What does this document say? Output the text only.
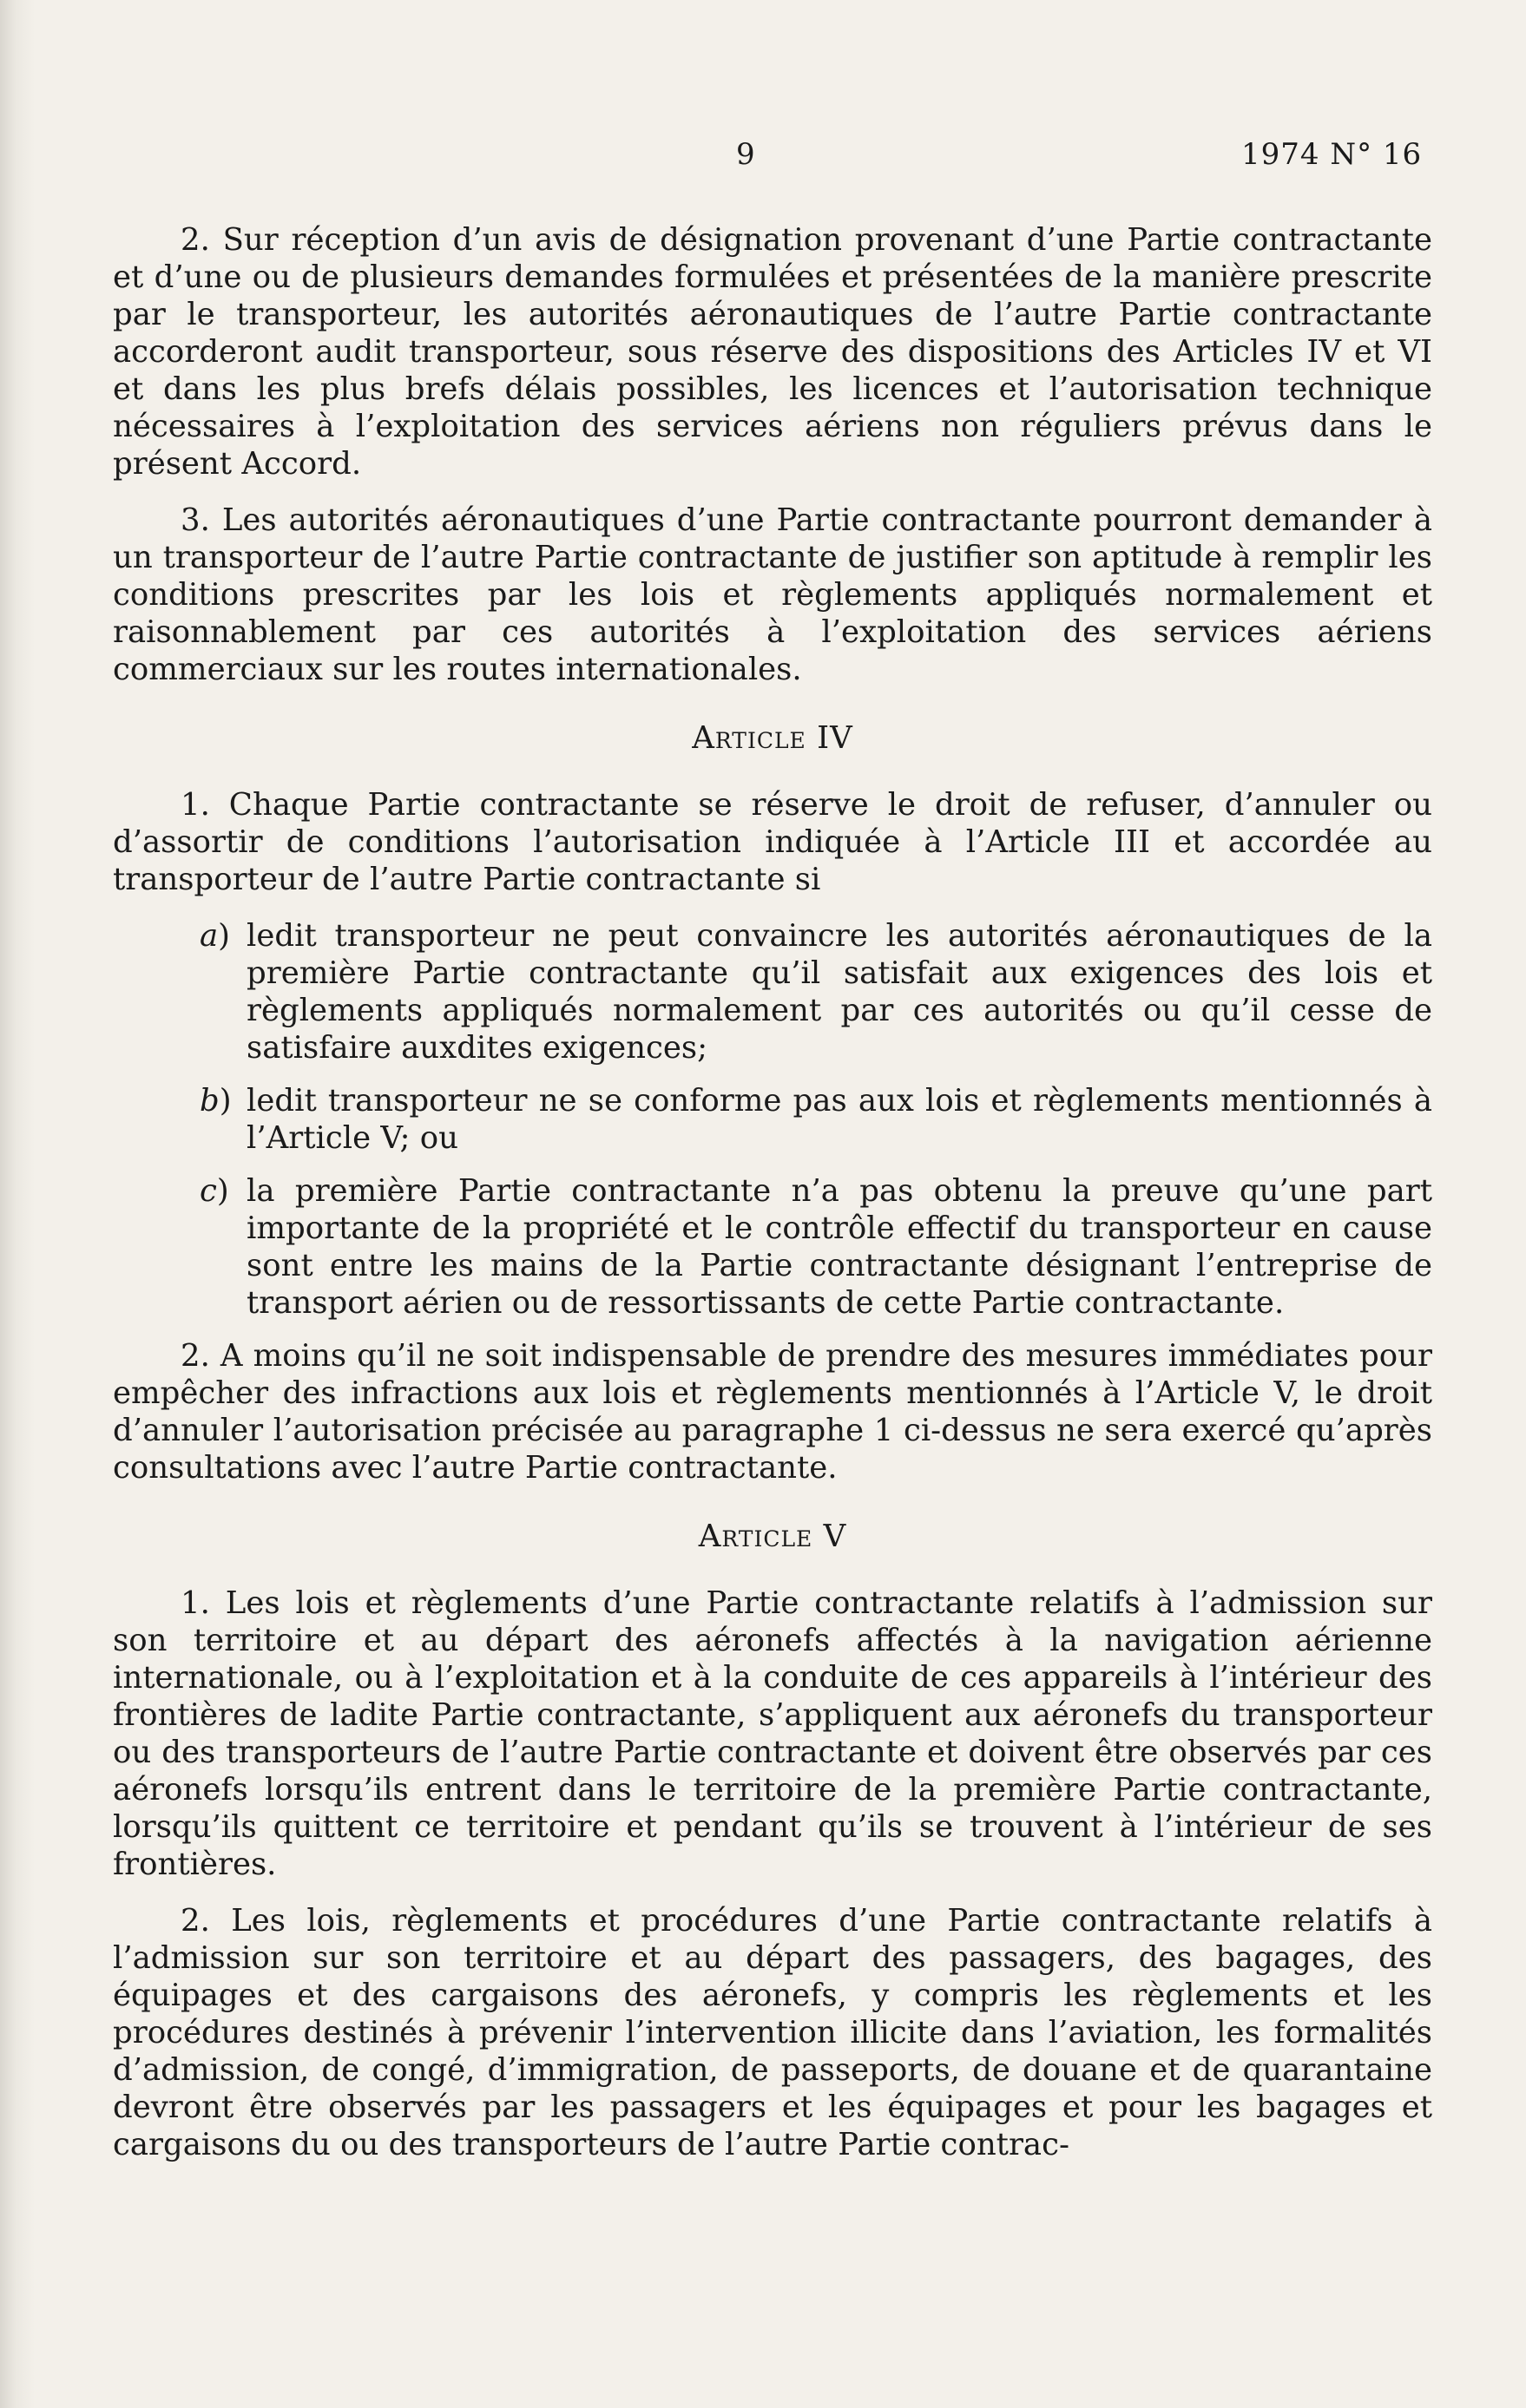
9	1974 N° 16

2. Sur réception d’un avis de désignation provenant d’une Partie contractante et d’une ou de plusieurs demandes formulées et présentées de la manière prescrite par le transporteur, les autorités aéronautiques de l’autre Partie contractante accorderont audit transporteur, sous réserve des dispositions des Articles IV et VI et dans les plus brefs délais possibles, les licences et l’autorisation technique nécessaires à l’exploitation des services aériens non réguliers prévus dans le présent Accord.

3. Les autorités aéronautiques d’une Partie contractante pourront demander à un transporteur de l’autre Partie contractante de justifier son aptitude à remplir les conditions prescrites par les lois et règlements appliqués normalement et raisonnablement par ces autorités à l’exploitation des services aériens commerciaux sur les routes internationales.

Article IV

1. Chaque Partie contractante se réserve le droit de refuser, d’annuler ou d’assortir de conditions l’autorisation indiquée à l’Article III et accordée au transporteur de l’autre Partie contractante si

a) ledit transporteur ne peut convaincre les autorités aéronautiques de la première Partie contractante qu’il satisfait aux exigences des lois et règlements appliqués normalement par ces autorités ou qu’il cesse de satisfaire auxdites exigences;
b) ledit transporteur ne se conforme pas aux lois et règlements mentionnés à l’Article V; ou
c) la première Partie contractante n’a pas obtenu la preuve qu’une part importante de la propriété et le contrôle effectif du transporteur en cause sont entre les mains de la Partie contractante désignant l’entreprise de transport aérien ou de ressortissants de cette Partie contractante.

2. A moins qu’il ne soit indispensable de prendre des mesures immédiates pour empêcher des infractions aux lois et règlements mentionnés à l’Article V, le droit d’annuler l’autorisation précisée au paragraphe 1 ci-dessus ne sera exercé qu’après consultations avec l’autre Partie contractante.

Article V

1. Les lois et règlements d’une Partie contractante relatifs à l’admission sur son territoire et au départ des aéronefs affectés à la navigation aérienne internationale, ou à l’exploitation et à la conduite de ces appareils à l’intérieur des frontières de ladite Partie contractante, s’appliquent aux aéronefs du transporteur ou des transporteurs de l’autre Partie contractante et doivent être observés par ces aéronefs lorsqu’ils entrent dans le territoire de la première Partie contractante, lorsqu’ils quittent ce territoire et pendant qu’ils se trouvent à l’intérieur de ses frontières.

2. Les lois, règlements et procédures d’une Partie contractante relatifs à l’admission sur son territoire et au départ des passagers, des bagages, des équipages et des cargaisons des aéronefs, y compris les règlements et les procédures destinés à prévenir l’intervention illicite dans l’aviation, les formalités d’admission, de congé, d’immigration, de passeports, de douane et de quarantaine devront être observés par les passagers et les équipages et pour les bagages et cargaisons du ou des transporteurs de l’autre Partie contrac-
